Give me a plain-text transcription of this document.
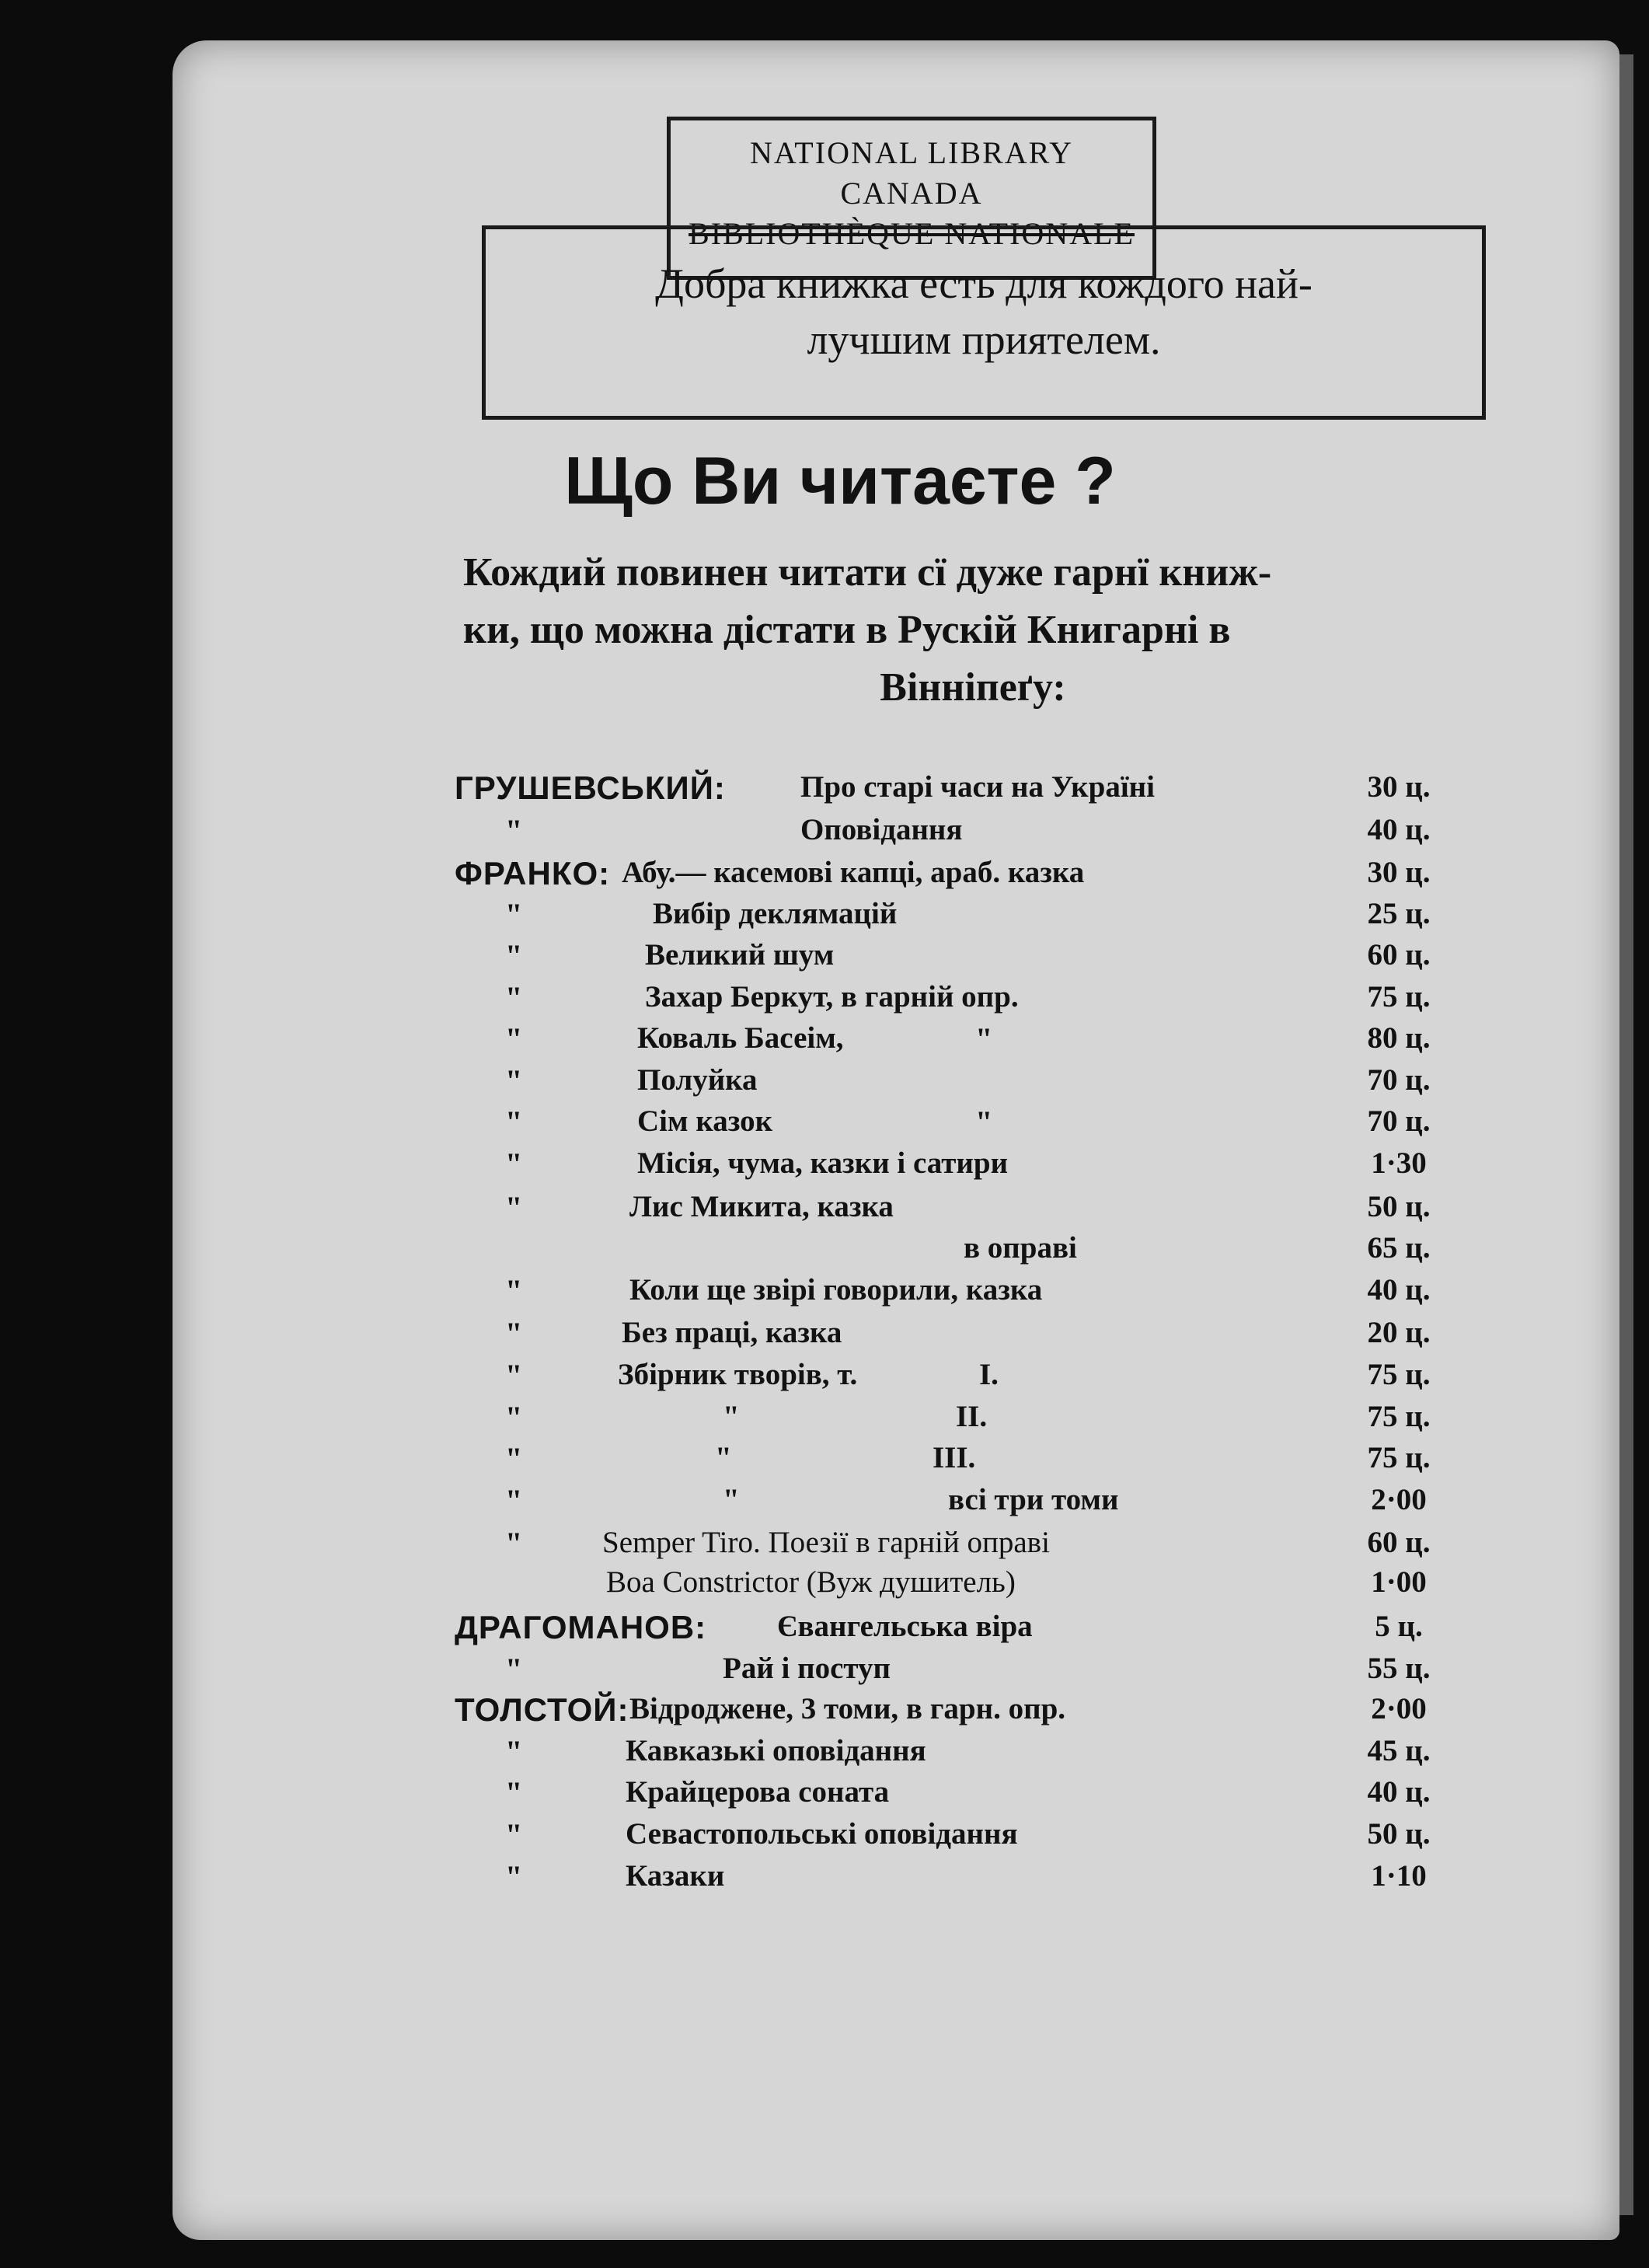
NATIONAL LIBRARY
CANADA
BIBLIOTHÈQUE NATIONALE
Добра книжка есть для кождого най-
лучшим приятелем.
Що Ви читаєте ?
Кождий повинен читати сї дуже гарнї книж-
ки, що можна дістати в Рускій Книгарні в
Вінніпеґу:
ГРУШЕВСЬКИЙ: Про старі часи на Україні	30 ц.
"	Оповідання	40 ц.
ФРАНКО: Абу.— касемові капці, араб. казка	30 ц.
"	Вибір деклямацій	25 ц.
"	Великий шум	60 ц.
"	Захар Беркут, в гарній опр.	75 ц.
"	Коваль Басеім,	"	80 ц.
"	Полуйка	70 ц.
"	Сім казок	"	70 ц.
"	Місія, чума, казки і сатири	1·30
"	Лис Микита, казка	50 ц.
в оправі	65 ц.
"	Коли ще звірі говорили, казка	40 ц.
"	Без праці, казка	20 ц.
"	Збірник творів, т.	I.	75 ц.
"	"	II.	75 ц.
"	"	III.	75 ц.
"	"	всі три томи	2·00
"	Semper Tiro. Поезії в гарній оправі	60 ц.
Boa Constrictor (Вуж душитель)	1·00
ДРАГОМАНОВ: Євангельська віра	5 ц.
"	Рай і поступ	55 ц.
ТОЛСТОЙ: Відроджене, 3 томи, в гарн. опр.	2·00
"	Кавказькі оповідання	45 ц.
"	Крайцерова соната	40 ц.
"	Севастопольські оповідання	50 ц.
"	Казаки	1·10
